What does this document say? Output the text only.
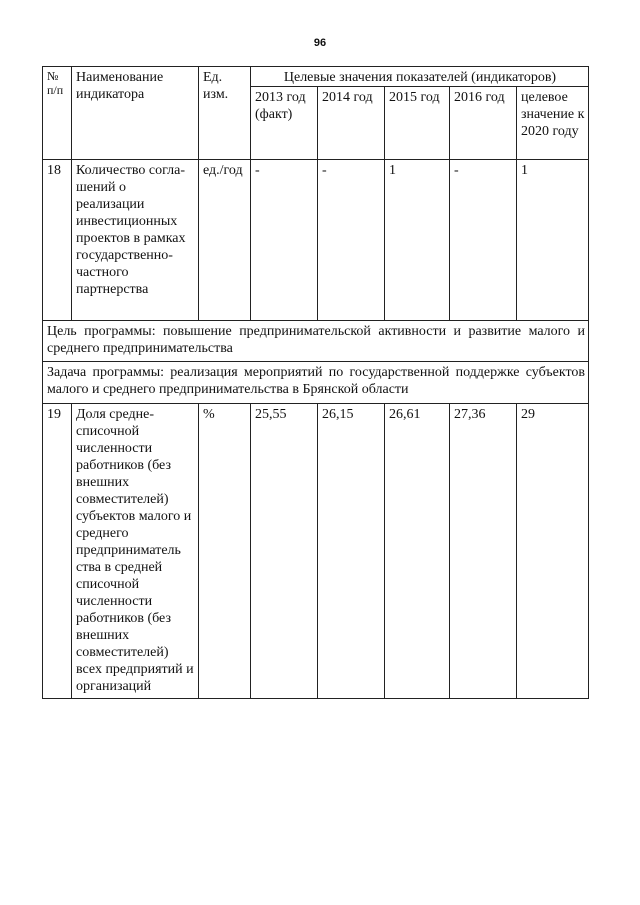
96
№ п/п	Наименование индикатора	Ед. изм.	Целевые значения показателей (индикаторов)				
			2013 год (факт)	2014 год	2015 год	2016 год	целевое значение к 2020 году
18	Количество согла-шений о реализации инвестиционных проектов в рамках государственно-частного партнерства	ед./год	-	-	1	-	1
Цель программы: повышение предпринимательской активности и развитие малого и среднего предпринимательства							
Задача программы: реализация мероприятий по государственной поддержке субъектов малого и среднего предпринимательства в Брянской области							
19	Доля средне-списочной численности работников (без внешних совместителей) субъектов малого и среднего предприниматель ства в средней списочной численности работников (без внешних совместителей) всех предприятий и организаций	%	25,55	26,15	26,61	27,36	29
